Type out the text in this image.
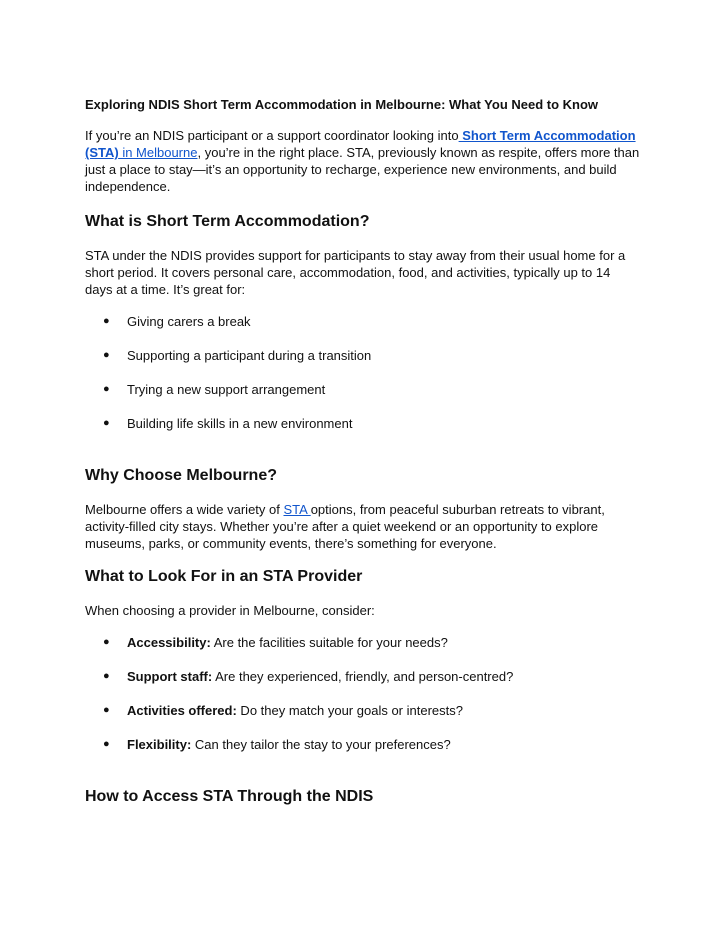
Exploring NDIS Short Term Accommodation in Melbourne: What You Need to Know

If you’re an NDIS participant or a support coordinator looking into Short Term Accommodation (STA) in Melbourne, you’re in the right place. STA, previously known as respite, offers more than just a place to stay—it’s an opportunity to recharge, experience new environments, and build independence.

What is Short Term Accommodation?

STA under the NDIS provides support for participants to stay away from their usual home for a short period. It covers personal care, accommodation, food, and activities, typically up to 14 days at a time. It’s great for:

● Giving carers a break
● Supporting a participant during a transition
● Trying a new support arrangement
● Building life skills in a new environment
Why Choose Melbourne?

Melbourne offers a wide variety of STA options, from peaceful suburban retreats to vibrant, activity-filled city stays. Whether you’re after a quiet weekend or an opportunity to explore museums, parks, or community events, there’s something for everyone.

What to Look For in an STA Provider

When choosing a provider in Melbourne, consider:

● Accessibility: Are the facilities suitable for your needs?
● Support staff: Are they experienced, friendly, and person-centred?
● Activities offered: Do they match your goals or interests?
● Flexibility: Can they tailor the stay to your preferences?
How to Access STA Through the NDIS
